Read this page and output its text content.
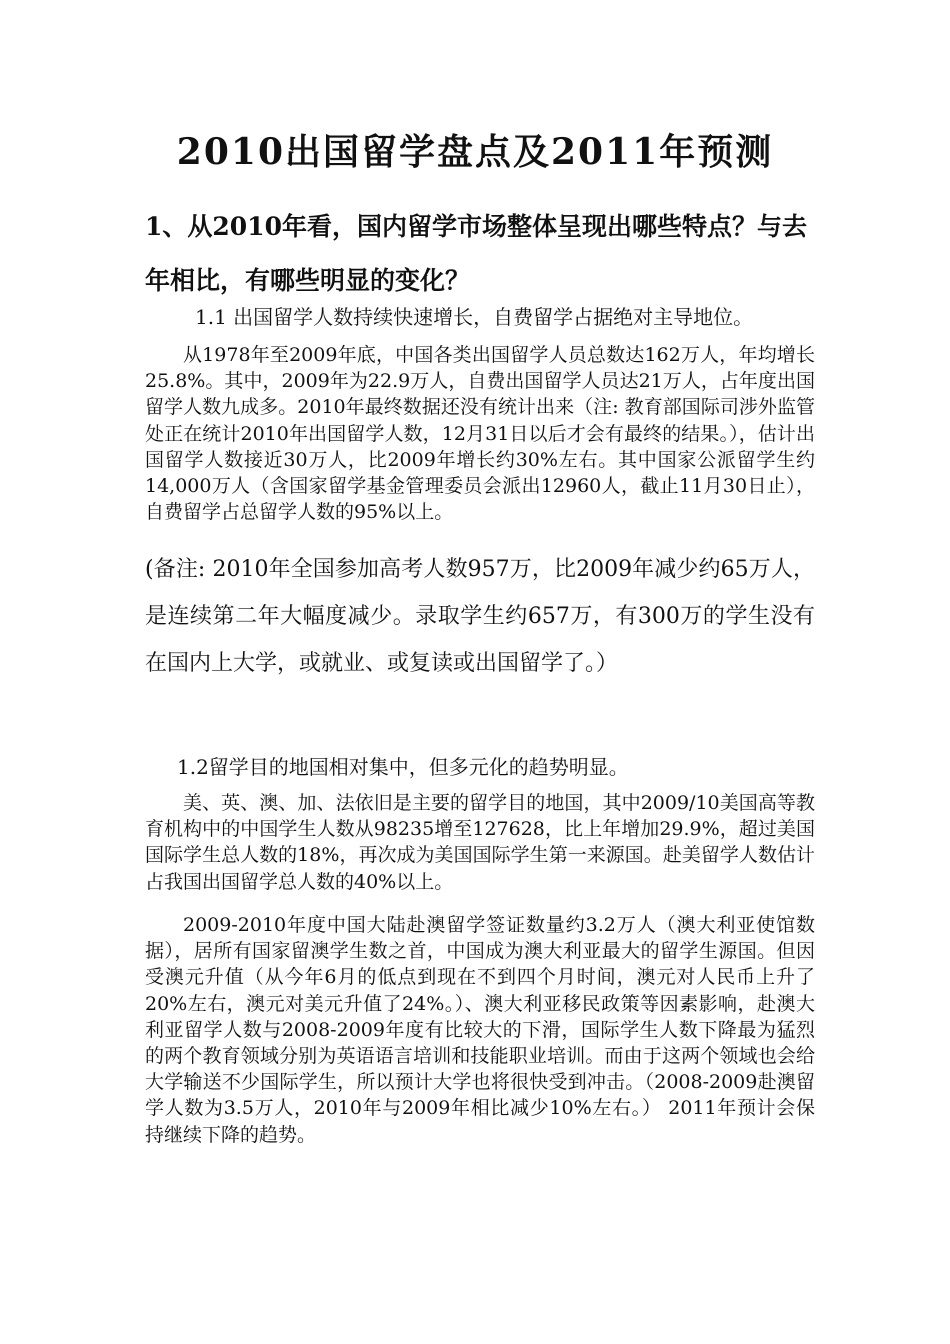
2010出国留学盘点及2011年预测
1、从2010年看，国内留学市场整体呈现出哪些特点？与去年相比，有哪些明显的变化？

1.1 出国留学人数持续快速增长，自费留学占据绝对主导地位。

从1978年至2009年底，中国各类出国留学人员总数达162万人，年均增长25.8%。其中，2009年为22.9万人，自费出国留学人员达21万人，占年度出国留学人数九成多。2010年最终数据还没有统计出来（注: 教育部国际司涉外监管处正在统计2010年出国留学人数，12月31日以后才会有最终的结果。），估计出国留学人数接近30万人，比2009年增长约30%左右。其中国家公派留学生约14,000万人（含国家留学基金管理委员会派出12960人，截止11月30日止），自费留学占总留学人数的95%以上。

(备注: 2010年全国参加高考人数957万，比2009年减少约65万人，是连续第二年大幅度减少。录取学生约657万，有300万的学生没有在国内上大学，或就业、或复读或出国留学了。）

1.2留学目的地国相对集中，但多元化的趋势明显。

美、英、澳、加、法依旧是主要的留学目的地国，其中2009/10美国高等教育机构中的中国学生人数从98235增至127628，比上年增加29.9%，超过美国国际学生总人数的18%，再次成为美国国际学生第一来源国。赴美留学人数估计占我国出国留学总人数的40%以上。

2009-2010年度中国大陆赴澳留学签证数量约3.2万人（澳大利亚使馆数据），居所有国家留澳学生数之首，中国成为澳大利亚最大的留学生源国。但因受澳元升值（从今年6月的低点到现在不到四个月时间，澳元对人民币上升了20%左右，澳元对美元升值了24%。）、澳大利亚移民政策等因素影响，赴澳大利亚留学人数与2008-2009年度有比较大的下滑，国际学生人数下降最为猛烈的两个教育领域分别为英语语言培训和技能职业培训。而由于这两个领域也会给大学输送不少国际学生，所以预计大学也将很快受到冲击。（2008-2009赴澳留学人数为3.5万人，2010年与2009年相比减少10%左右。） 2011年预计会保持继续下降的趋势。
